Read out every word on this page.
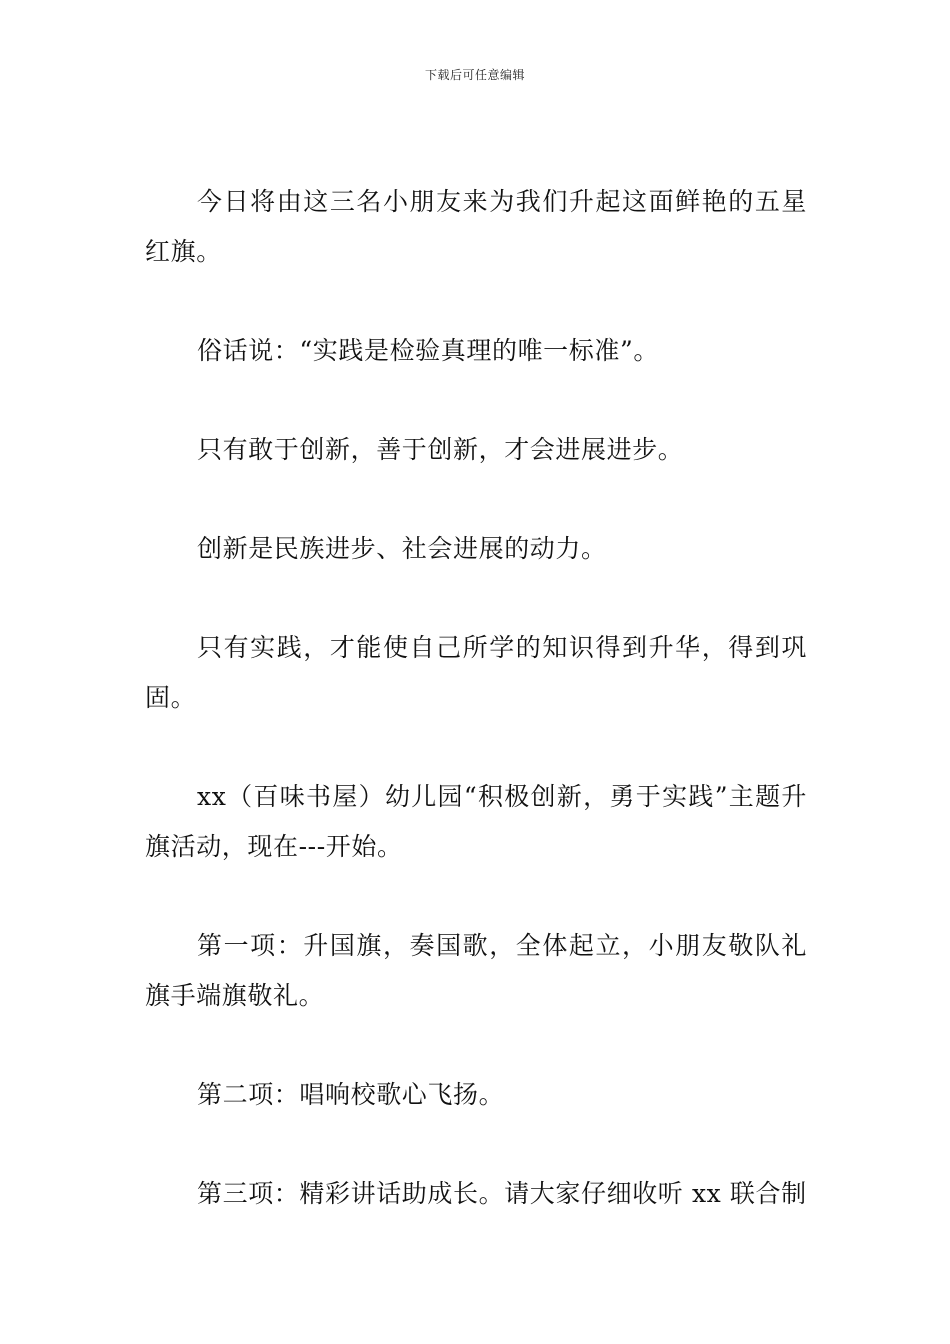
下载后可任意编辑

今日将由这三名小朋友来为我们升起这面鲜艳的五星红旗。

俗话说：“实践是检验真理的唯一标准”。

只有敢于创新，善于创新，才会进展进步。

创新是民族进步、社会进展的动力。

只有实践，才能使自己所学的知识得到升华，得到巩固。

xx（百味书屋）幼儿园“积极创新，勇于实践”主题升旗活动，现在---开始。

第一项：升国旗，奏国歌，全体起立，小朋友敬队礼旗手端旗敬礼。

第二项：唱响校歌心飞扬。

第三项：精彩讲话助成长。请大家仔细收听 xx 联合制
